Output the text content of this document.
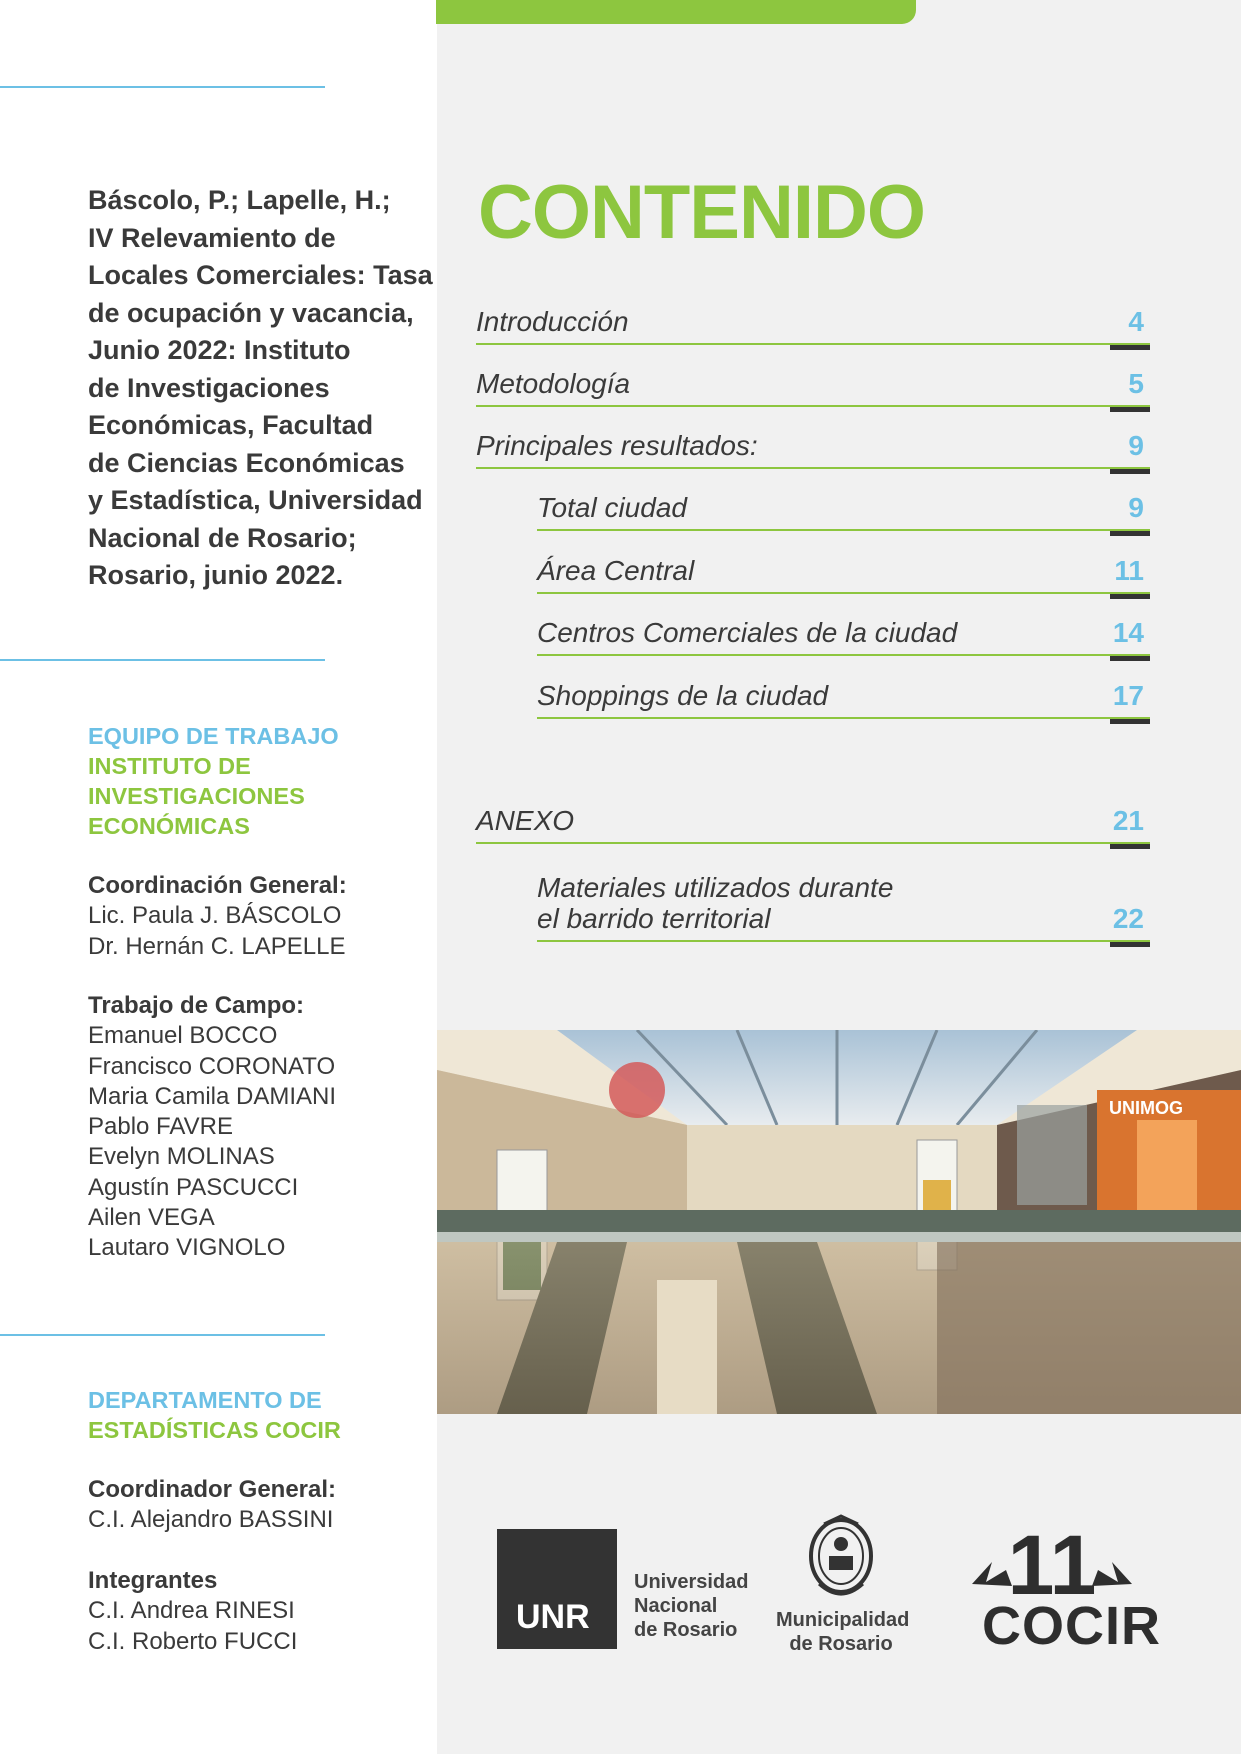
Báscolo, P.; Lapelle, H.;
IV Relevamiento de
Locales Comerciales: Tasa
de ocupación y vacancia,
Junio 2022: Instituto
de Investigaciones
Económicas, Facultad
de Ciencias Económicas
y Estadística, Universidad
Nacional de Rosario;
Rosario, junio 2022.
EQUIPO DE TRABAJO
INSTITUTO DE
INVESTIGACIONES
ECONÓMICAS
Coordinación General:
Lic. Paula J. BÁSCOLO
Dr. Hernán C. LAPELLE
Trabajo de Campo:
Emanuel BOCCO
Francisco CORONATO
Maria Camila DAMIANI
Pablo FAVRE
Evelyn MOLINAS
Agustín PASCUCCI
Ailen VEGA
Lautaro VIGNOLO
DEPARTAMENTO DE
ESTADÍSTICAS COCIR
Coordinador General:
C.I. Alejandro BASSINI
Integrantes
C.I. Andrea RINESI
C.I. Roberto FUCCI
CONTENIDO
Introducción	4
Metodología	5
Principales resultados:	9
Total ciudad	9
Área Central	11
Centros Comerciales de la ciudad	14
Shoppings de la ciudad	17
ANEXO	21
Materiales utilizados durante
el barrido territorial	22
UNIMOG
UNR
Universidad
Nacional
de Rosario	Municipalidad
de Rosario
11
COCIR
